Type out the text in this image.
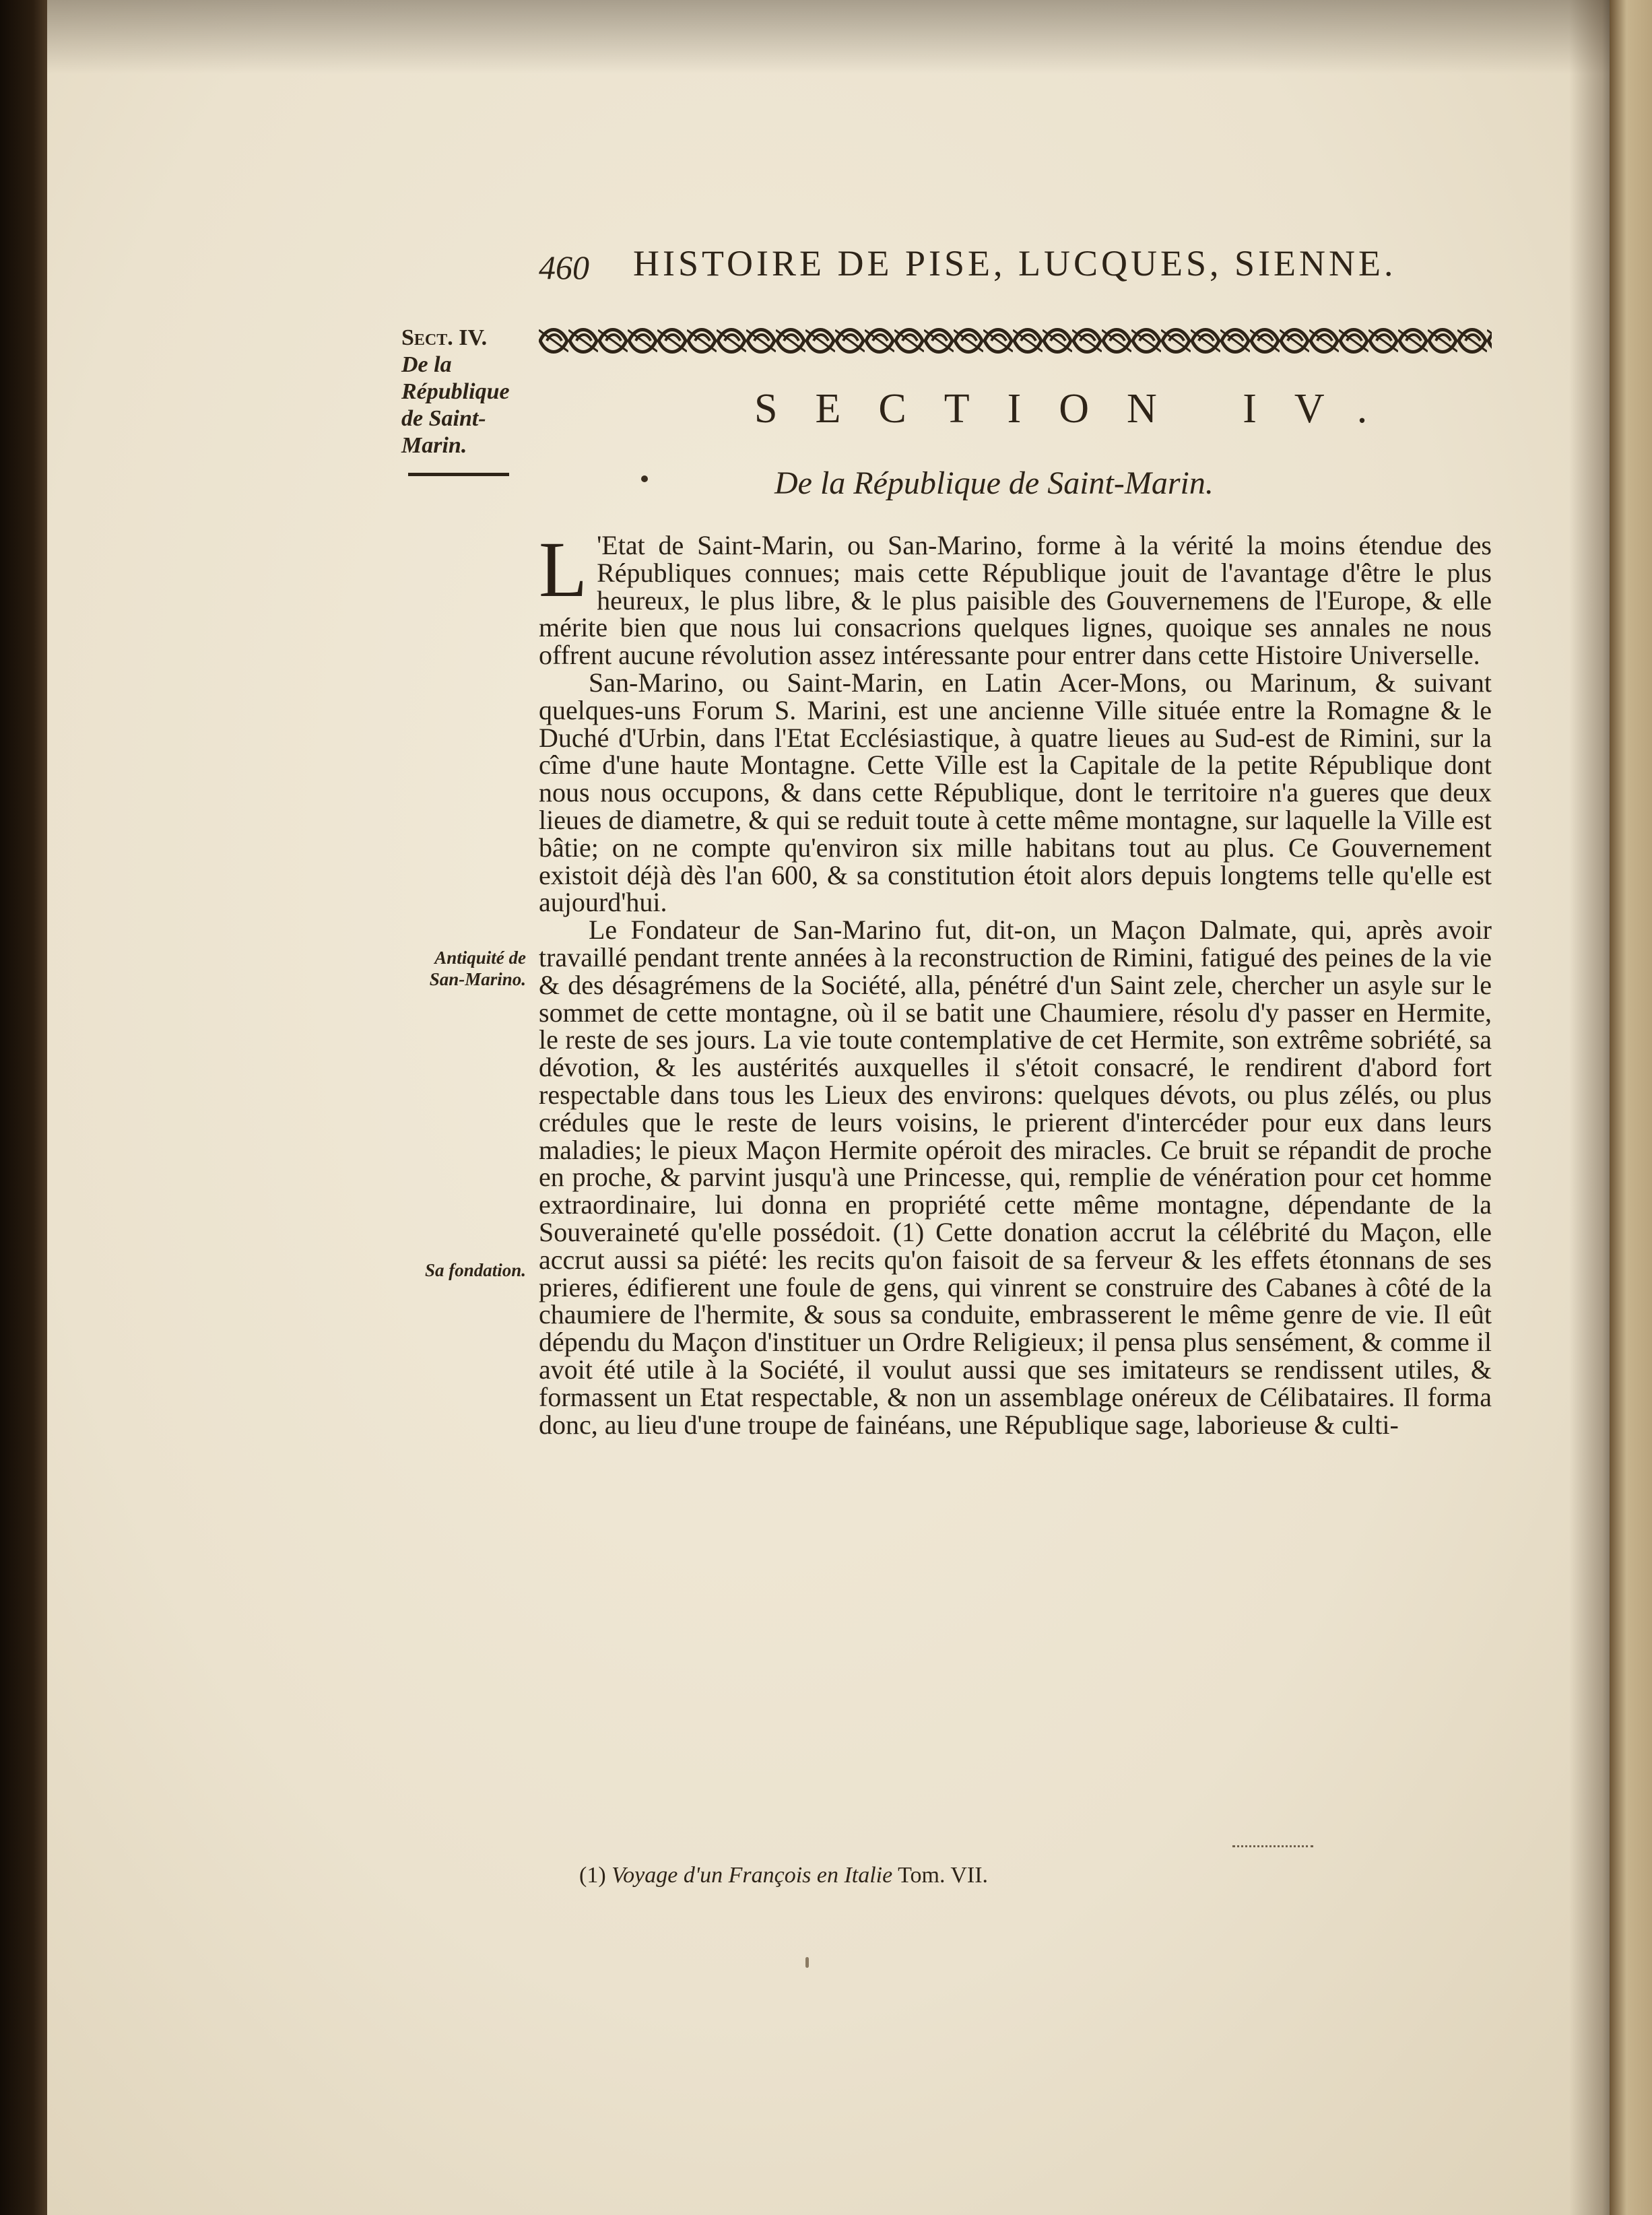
460 HISTOIRE DE PISE, LUCQUES, SIENNE.
Sect. IV.
De la République de Saint-Marin.
SECTION IV.
De la République de Saint-Marin.
Antiquité de San-Marino.
Sa fondation.

L 'Etat de Saint-Marin, ou San-Marino, forme à la vérité la moins étendue des Républiques connues; mais cette République jouit de l'avantage d'être le plus heureux, le plus libre, & le plus paisible des Gouvernemens de l'Europe, & elle mérite bien que nous lui consacrions quelques lignes, quoique ses annales ne nous offrent aucune révolution assez intéressante pour entrer dans cette Histoire Universelle.

San-Marino, ou Saint-Marin, en Latin Acer-Mons, ou Marinum, & suivant quelques-uns Forum S. Marini, est une ancienne Ville située entre la Romagne & le Duché d'Urbin, dans l'Etat Ecclésiastique, à quatre lieues au Sud-est de Rimini, sur la cîme d'une haute Montagne. Cette Ville est la Capitale de la petite République dont nous nous occupons, & dans cette République, dont le territoire n'a gueres que deux lieues de diametre, & qui se reduit toute à cette même montagne, sur laquelle la Ville est bâtie; on ne compte qu'environ six mille habitans tout au plus. Ce Gouvernement existoit déjà dès l'an 600, & sa constitution étoit alors depuis longtems telle qu'elle est aujourd'hui.

Le Fondateur de San-Marino fut, dit-on, un Maçon Dalmate, qui, après avoir travaillé pendant trente années à la reconstruction de Rimini, fatigué des peines de la vie & des désagrémens de la Société, alla, pénétré d'un Saint zele, chercher un asyle sur le sommet de cette montagne, où il se batit une Chaumiere, résolu d'y passer en Hermite, le reste de ses jours. La vie toute contemplative de cet Hermite, son extrême sobriété, sa dévotion, & les austérités auxquelles il s'étoit consacré, le rendirent d'abord fort respectable dans tous les Lieux des environs: quelques dévots, ou plus zélés, ou plus crédules que le reste de leurs voisins, le prierent d'intercéder pour eux dans leurs maladies; le pieux Maçon Hermite opéroit des miracles. Ce bruit se répandit de proche en proche, & parvint jusqu'à une Princesse, qui, remplie de vénération pour cet homme extraordinaire, lui donna en propriété cette même montagne, dépendante de la Souveraineté qu'elle possédoit. (1) Cette donation accrut la célébrité du Maçon, elle accrut aussi sa piété: les recits qu'on faisoit de sa ferveur & les effets étonnans de ses prieres, édifierent une foule de gens, qui vinrent se construire des Cabanes à côté de la chaumiere de l'hermite, & sous sa conduite, embrasserent le même genre de vie. Il eût dépendu du Maçon d'instituer un Ordre Religieux; il pensa plus sensément, & comme il avoit été utile à la Société, il voulut aussi que ses imitateurs se rendissent utiles, & formassent un Etat respectable, & non un assemblage onéreux de Célibataires. Il forma donc, au lieu d'une troupe de fainéans, une République sage, laborieuse & culti-

(1) Voyage d'un François en Italie Tom. VII.
